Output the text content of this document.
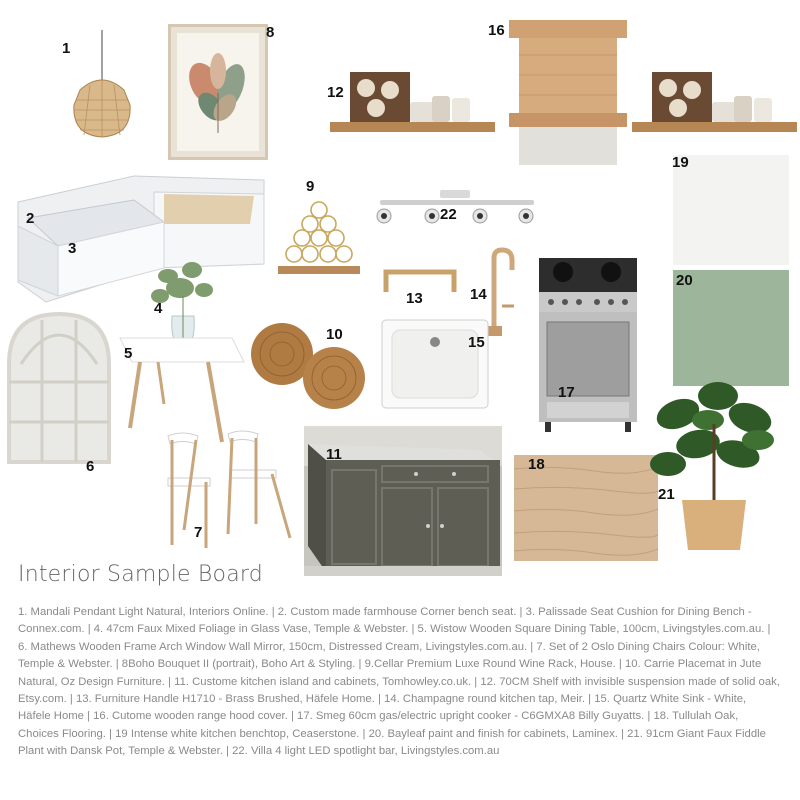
1
2
3
4
5
6
7
8
9
10
11
12
16
13	14
15
17
18
19
20
21
22
Interior Sample Board
1. Mandali Pendant Light Natural, Interiors Online. | 2. Custom made farmhouse Corner bench seat. | 3. Palissade Seat Cushion for Dining Bench - Connex.com. | 4. 47cm Faux Mixed Foliage in Glass Vase, Temple & Webster. | 5. Wistow Wooden Square Dining Table, 100cm, Livingstyles.com.au. | 6. Mathews Wooden Frame Arch Window Wall Mirror, 150cm, Distressed Cream, Livingstyles.com.au. | 7. Set of 2 Oslo Dining Chairs Colour: White, Temple & Webster. | 8Boho Bouquet II (portrait), Boho Art & Styling. | 9.Cellar Premium Luxe Round Wine Rack, House. | 10. Carrie Placemat in Jute Natural, Oz Design Furniture. | 11. Custome kitchen island and cabinets, Tomhowley.co.uk. | 12. 70CM Shelf with invisible suspension made of solid oak, Etsy.com. | 13. Furniture Handle H1710 - Brass Brushed, Häfele Home. | 14. Champagne round kitchen tap, Meir. | 15. Quartz White Sink - White, Häfele Home | 16. Cutome wooden range hood cover. | 17. Smeg 60cm gas/electric upright cooker - C6GMXA8 Billy Guyatts. | 18. Tullulah Oak, Choices Flooring. | 19 Intense white kitchen benchtop, Ceaserstone. | 20. Bayleaf paint and finish for cabinets, Laminex. | 21. 91cm Giant Faux Fiddle Plant with Dansk Pot, Temple & Webster. | 22. Villa 4 light LED spotlight bar, Livingstyles.com.au
